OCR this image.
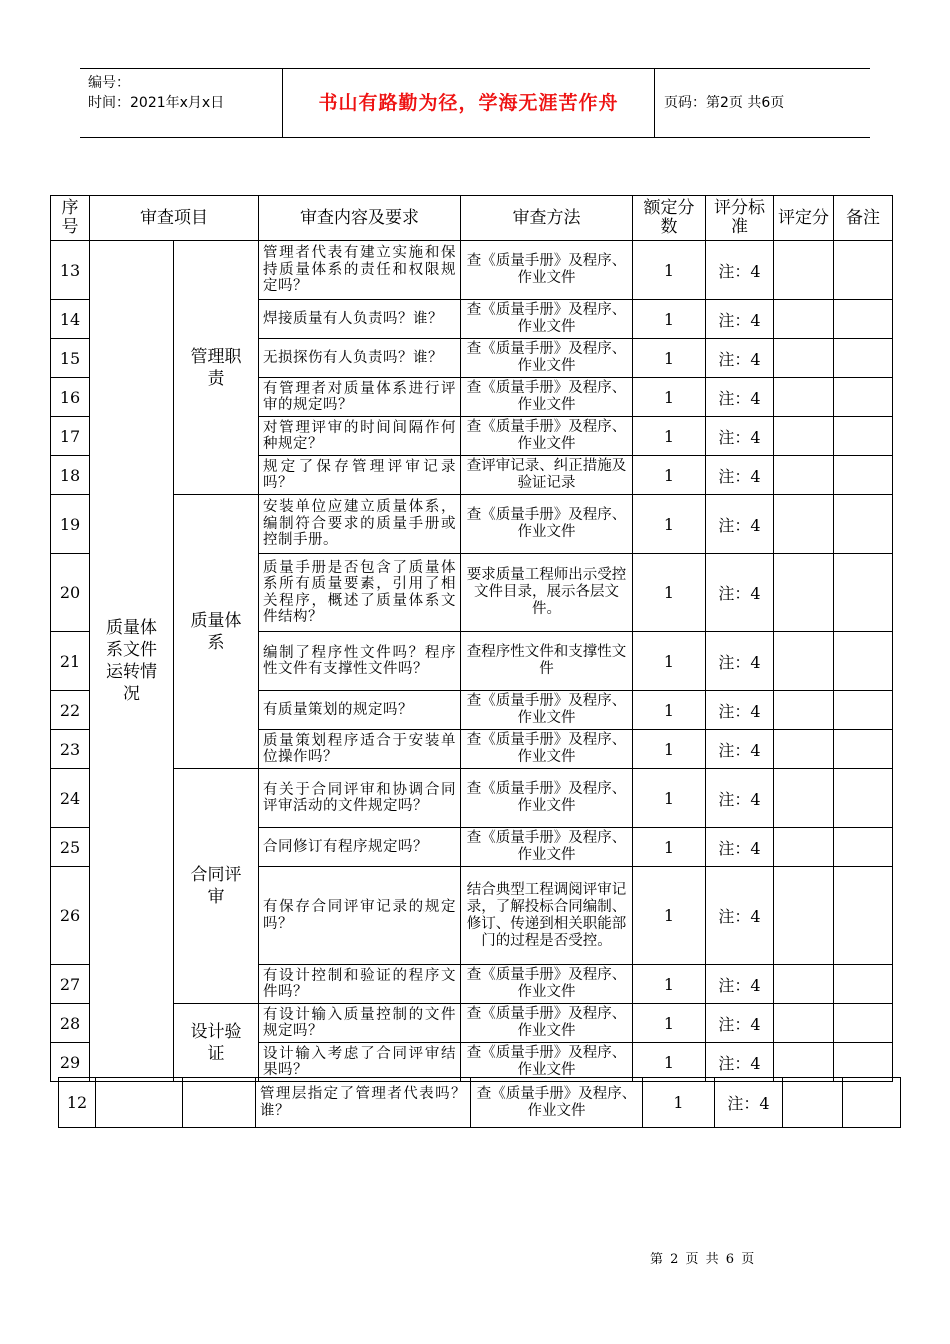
编号：
时间：2021年x月x日	书山有路勤为径，学海无涯苦作舟	页码：第2页 共6页
序号	审查项目		审查内容及要求	审查方法	额定分数	评分标准	评定分	备注
13	质量体系文件运转情况	管理职责	管理者代表有建立实施和保持质量体系的责任和权限规定吗？	查《质量手册》及程序、作业文件	1	注：4		
14			焊接质量有人负责吗？谁？	查《质量手册》及程序、作业文件	1	注：4		
15			无损探伤有人负责吗？谁？	查《质量手册》及程序、作业文件	1	注：4		
16			有管理者对质量体系进行评审的规定吗？	查《质量手册》及程序、作业文件	1	注：4		
17			对管理评审的时间间隔作何种规定？	查《质量手册》及程序、作业文件	1	注：4		
18			规定了保存管理评审记录吗？	查评审记录、纠正措施及验证记录	1	注：4		
19		质量体系	安装单位应建立质量体系，编制符合要求的质量手册或控制手册。	查《质量手册》及程序、作业文件	1	注：4		
20			质量手册是否包含了质量体系所有质量要素，引用了相关程序，概述了质量体系文件结构？	要求质量工程师出示受控文件目录，展示各层文件。	1	注：4		
21			编制了程序性文件吗？程序性文件有支撑性文件吗？	查程序性文件和支撑性文件	1	注：4		
22			有质量策划的规定吗？	查《质量手册》及程序、作业文件	1	注：4		
23			质量策划程序适合于安装单位操作吗？	查《质量手册》及程序、作业文件	1	注：4		
24		合同评审	有关于合同评审和协调合同评审活动的文件规定吗？	查《质量手册》及程序、作业文件	1	注：4		
25			合同修订有程序规定吗？	查《质量手册》及程序、作业文件	1	注：4		
26			有保存合同评审记录的规定吗？	结合典型工程调阅评审记录，了解投标合同编制、修订、传递到相关职能部门的过程是否受控。	1	注：4		
27			有设计控制和验证的程序文件吗？	查《质量手册》及程序、作业文件	1	注：4		
28		设计验证	有设计输入质量控制的文件规定吗？	查《质量手册》及程序、作业文件	1	注：4		
29			设计输入考虑了合同评审结果吗？	查《质量手册》及程序、作业文件	1	注：4		
12			管理层指定了管理者代表吗？谁？	查《质量手册》及程序、作业文件	1	注：4		
第 2 页 共 6 页
